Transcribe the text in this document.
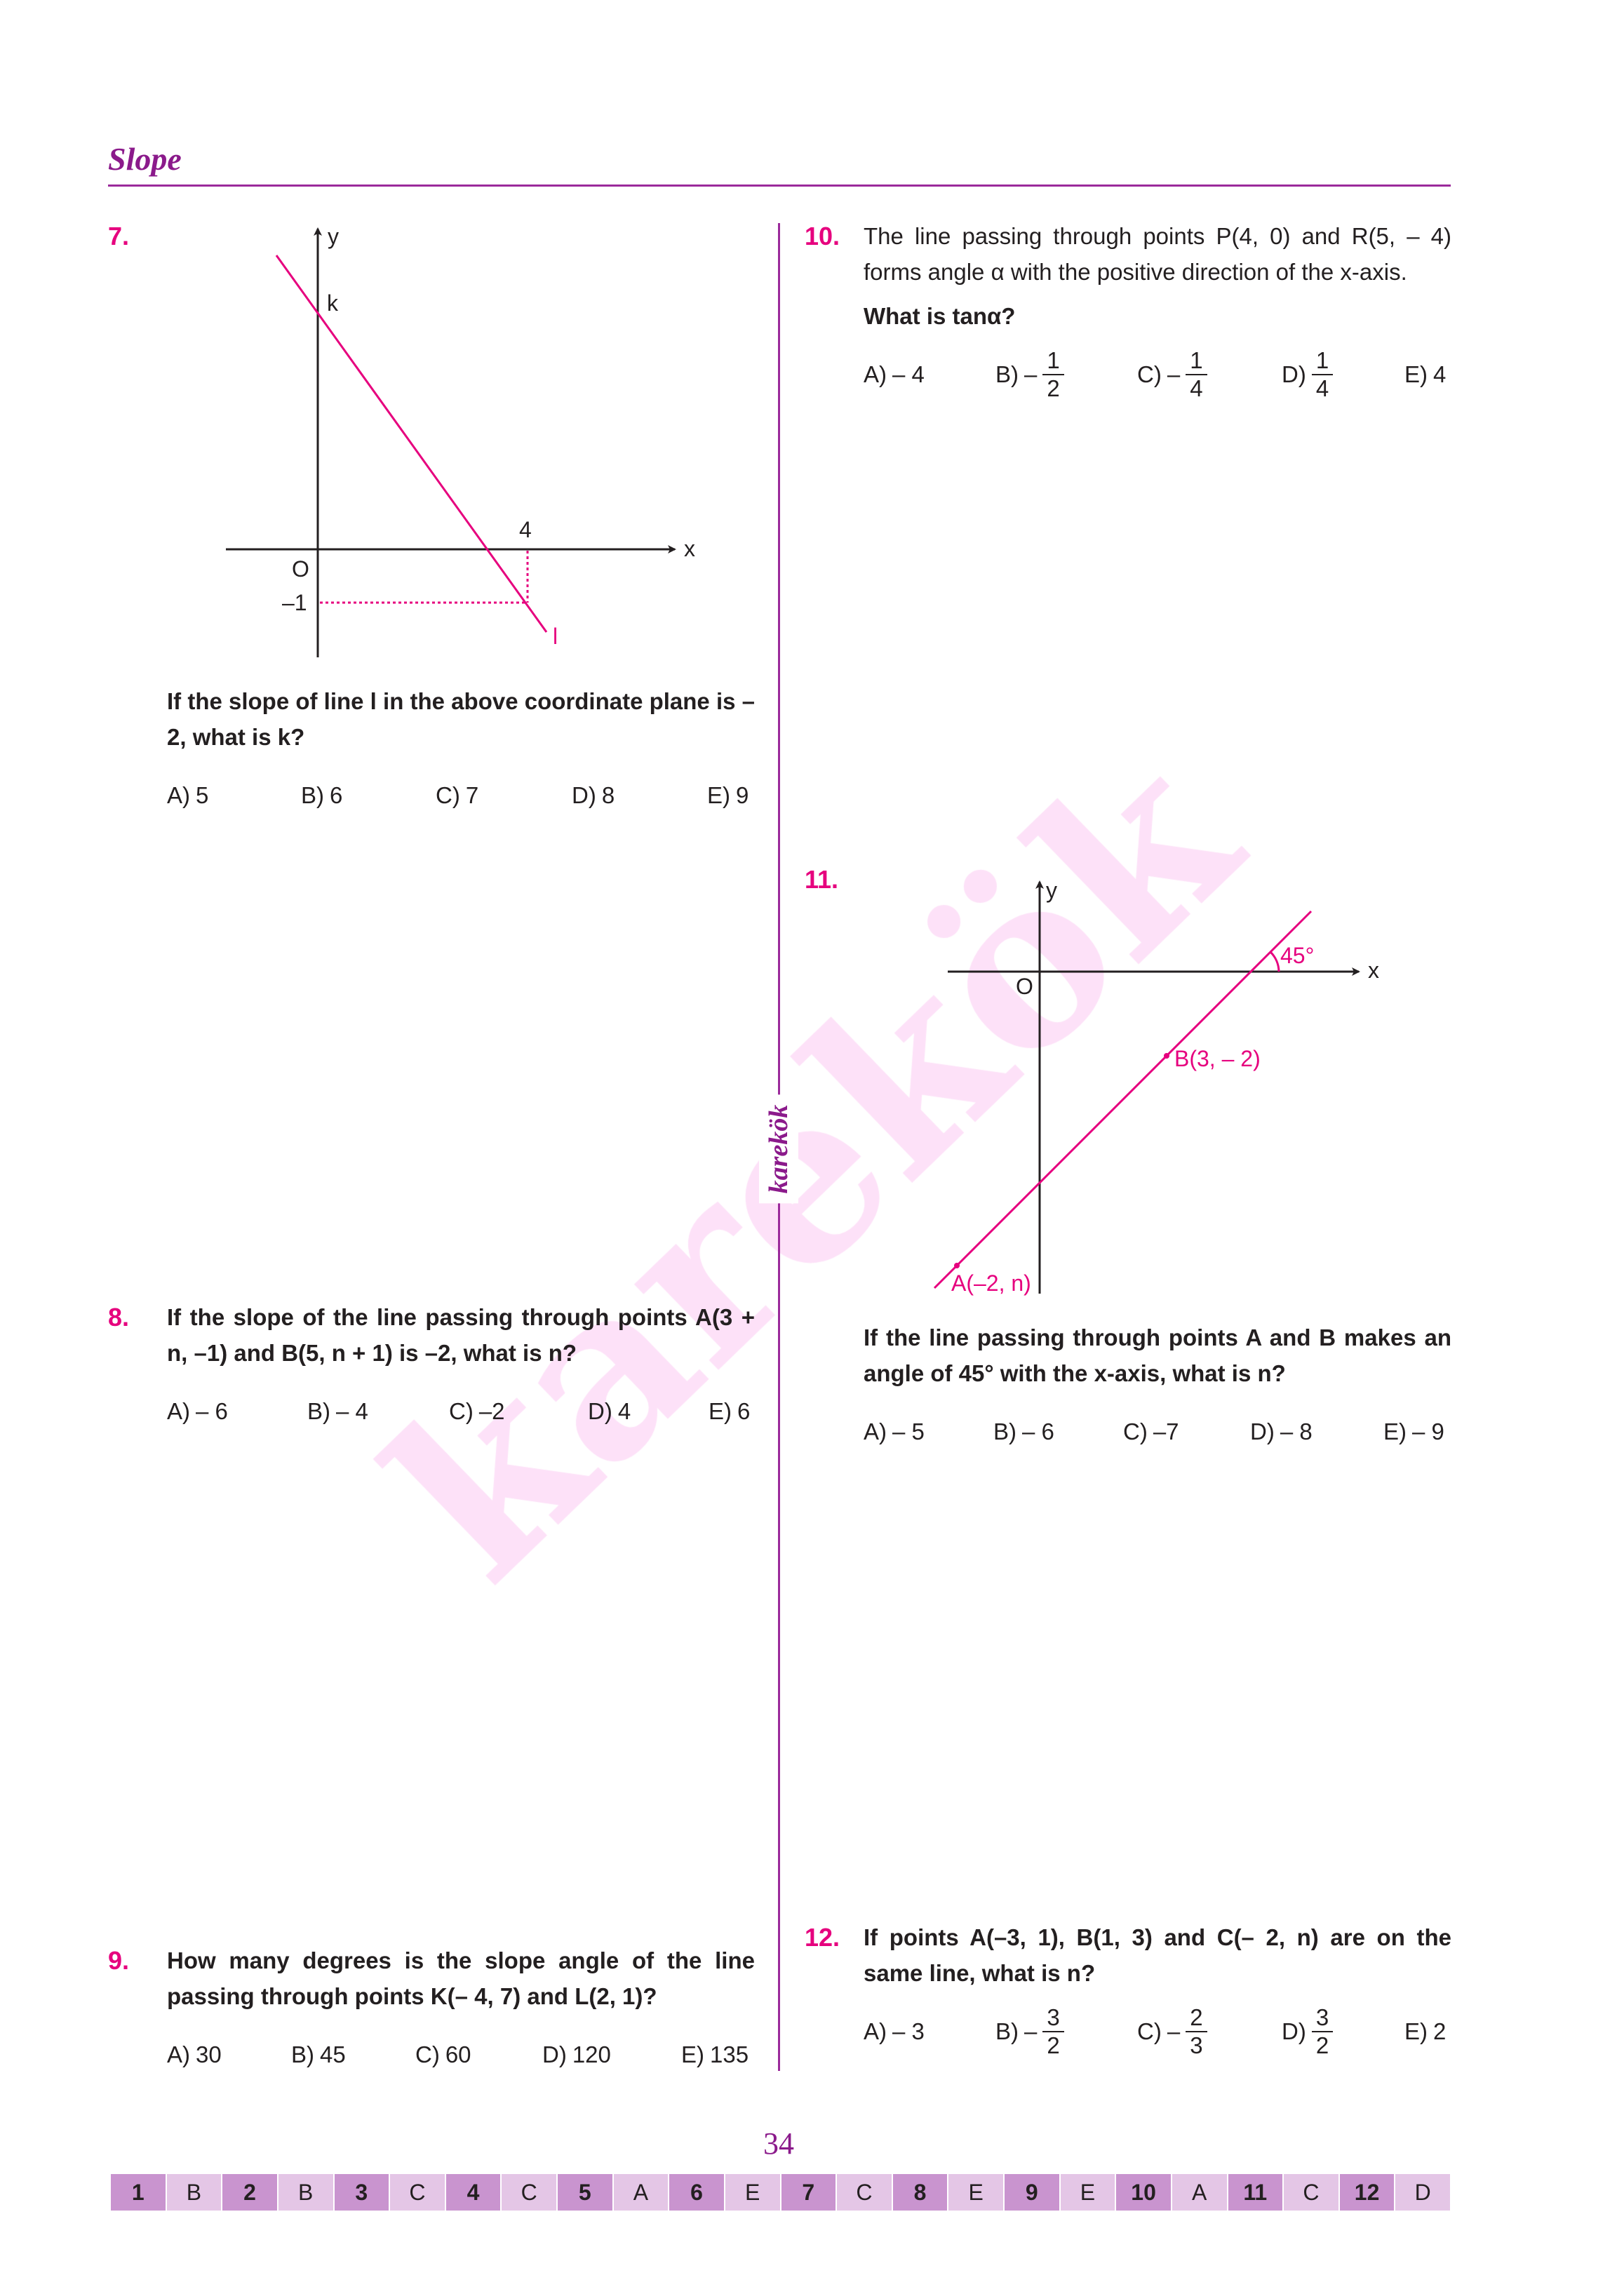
Slope
karekök
y
x
k
4
O
–1
l
y
x
O
45°
B(3, – 2)
A(–2, n)
7.
If the slope of line l in the above coordinate plane is –2, what is k?
A) 5	B) 6	C) 7	D) 8	E) 9
8. If the slope of the line passing through points A(3 + n, –1) and B(5, n + 1) is –2, what is n?
A) – 6	B) – 4	C) –2	D) 4	E) 6
9. How many degrees is the slope angle of the line passing through points K(– 4, 7) and L(2, 1)?
A) 30	B) 45	C) 60	D) 120	E) 135
10. The line passing through points P(4, 0) and R(5, – 4) forms angle α with the positive direction of the x-axis.
What is tanα?
A) – 4	$B) - \frac{1}{2}$	$C) - \frac{1}{4}$	$D) \frac{1}{4}$	E) 4
11.
If the line passing through points A and B makes an angle of 45° with the x-axis, what is n?
A) – 5	B) – 6	C) –7	D) – 8	E) – 9
12. If points A(–3, 1), B(1, 3) and C(– 2, n) are on the same line, what is n?
A) – 3	$B) - \frac{3}{2}$	$C) - \frac{2}{3}$	$D) \frac{3}{2}$	E) 2
34
1	B	2	B	3	C	4	C	5	A	6	E	7	C	8	E	9	E	10	A	11	C	12	D
